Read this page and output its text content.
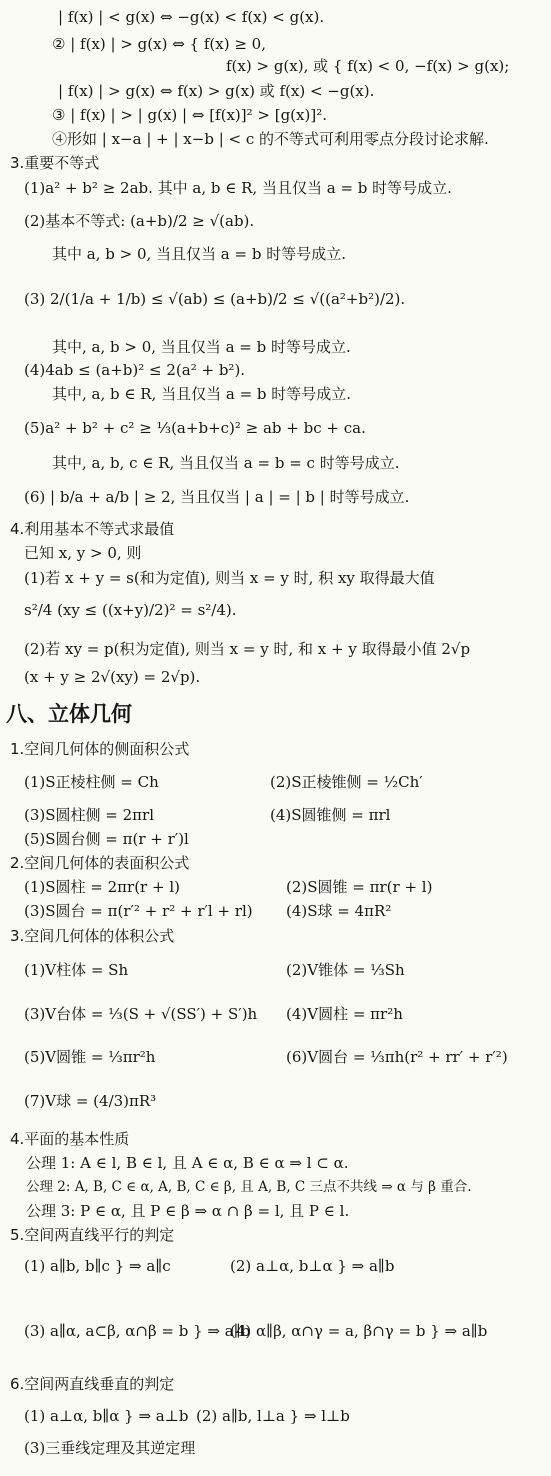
| f(x) | < g(x) ⇔ −g(x) < f(x) < g(x).
② | f(x) | > g(x) ⇔ { f(x) ≥ 0,
f(x) > g(x), 或 { f(x) < 0, −f(x) > g(x);
| f(x) | > g(x) ⇔ f(x) > g(x) 或 f(x) < −g(x).
③ | f(x) | > | g(x) | ⇔ [f(x)]² > [g(x)]².
④形如 | x−a | + | x−b | < c 的不等式可利用零点分段讨论求解.
3.重要不等式
(1)a² + b² ≥ 2ab. 其中 a, b ∈ R, 当且仅当 a = b 时等号成立.
(2)基本不等式: (a+b)/2 ≥ √(ab).
其中 a, b > 0, 当且仅当 a = b 时等号成立.
(3) 2/(1/a + 1/b) ≤ √(ab) ≤ (a+b)/2 ≤ √((a²+b²)/2).
其中, a, b > 0, 当且仅当 a = b 时等号成立.
(4)4ab ≤ (a+b)² ≤ 2(a² + b²).
其中, a, b ∈ R, 当且仅当 a = b 时等号成立.
(5)a² + b² + c² ≥ ⅓(a+b+c)² ≥ ab + bc + ca.
其中, a, b, c ∈ R, 当且仅当 a = b = c 时等号成立.
(6) | b/a + a/b | ≥ 2, 当且仅当 | a | = | b | 时等号成立.
4.利用基本不等式求最值
已知 x, y > 0, 则
(1)若 x + y = s(和为定值), 则当 x = y 时, 积 xy 取得最大值
s²/4 (xy ≤ ((x+y)/2)² = s²/4).
(2)若 xy = p(积为定值), 则当 x = y 时, 和 x + y 取得最小值 2√p
(x + y ≥ 2√(xy) = 2√p).
八、立体几何
1.空间几何体的侧面积公式
(1)S正棱柱侧 = Ch	(2)S正棱锥侧 = ½Ch′
(3)S圆柱侧 = 2πrl	(4)S圆锥侧 = πrl
(5)S圆台侧 = π(r + r′)l
2.空间几何体的表面积公式
(1)S圆柱 = 2πr(r + l)	(2)S圆锥 = πr(r + l)
(3)S圆台 = π(r′² + r² + r′l + rl) (4)S球 = 4πR²
3.空间几何体的体积公式
(1)V柱体 = Sh	(2)V锥体 = ⅓Sh
(3)V台体 = ⅓(S + √(SS′) + S′)h (4)V圆柱 = πr²h
(5)V圆锥 = ⅓πr²h	(6)V圆台 = ⅓πh(r² + rr′ + r′²)
(7)V球 = (4/3)πR³
4.平面的基本性质
公理 1: A ∈ l, B ∈ l, 且 A ∈ α, B ∈ α ⇒ l ⊂ α.
公理 2: A, B, C ∈ α, A, B, C ∈ β, 且 A, B, C 三点不共线 ⇒ α 与 β 重合.
公理 3: P ∈ α, 且 P ∈ β ⇒ α ∩ β = l, 且 P ∈ l.
5.空间两直线平行的判定
(1) a∥b, b∥c } ⇒ a∥c	(2) a⊥α, b⊥α } ⇒ a∥b
(3) a∥α, a⊂β, α∩β = b } ⇒ a∥b
(4) α∥β, α∩γ = a, β∩γ = b } ⇒ a∥b
6.空间两直线垂直的判定
(1) a⊥α, b∥α } ⇒ a⊥b (2) a∥b, l⊥a } ⇒ l⊥b
(3)三垂线定理及其逆定理
